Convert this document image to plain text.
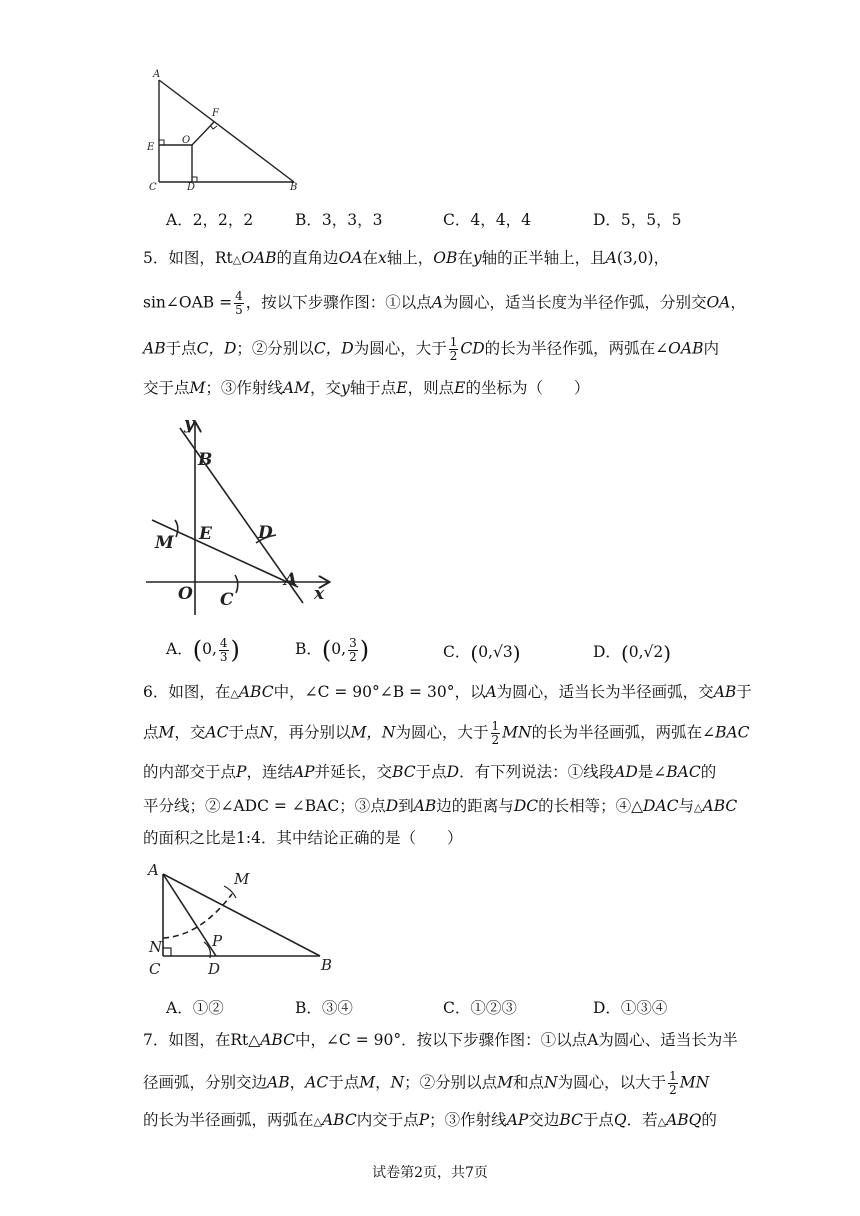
A
F
O
E
C	D	B
A．2，2，2	B．3，3，3	C．4，4，4	D．5，5，5
5．如图，Rt△OAB的直角边OA在x轴上，OB在y轴的正半轴上，且A(3,0)，
sin∠OAB = $\frac{4}{5}$ ，按以下步骤作图：①以点A为圆心，适当长度为半径作弧，分别交OA，
AB于点C，D；②分别以C，D为圆心，大于 $\frac{1}{2}$ CD的长为半径作弧，两弧在∠OAB内
交于点M；③作射线AM，交y轴于点E，则点E的坐标为（　　）
y
x
B
E	D
M
A
O C
A．(0, $\frac{4}{3}$ )	B．(0, $\frac{3}{2}$ )	C．(0,√3)	D．(0,√2)
6．如图，在△ABC中，∠C = 90°∠B = 30°，以A为圆心，适当长为半径画弧，交AB于
点M，交AC于点N，再分别以M，N为圆心，大于 $\frac{1}{2}$ MN的长为半径画弧，两弧在∠BAC
的内部交于点P，连结AP并延长，交BC于点D．有下列说法：①线段AD是∠BAC的
平分线；②∠ADC = ∠BAC；③点D到AB边的距离与DC的长相等；④△DAC与△ABC
的面积之比是1:4．其中结论正确的是（　　）
A	M
N	P
C	D	B
A．①②	B．③④	C．①②③	D．①③④
7．如图，在Rt△ABC中，∠C = 90°．按以下步骤作图：①以点A为圆心、适当长为半
径画弧，分别交边AB，AC于点M，N；②分别以点M和点N为圆心，以大于 $\frac{1}{2}$ MN
的长为半径画弧，两弧在△ABC内交于点P；③作射线AP交边BC于点Q．若△ABQ的
试卷第2页，共7页
